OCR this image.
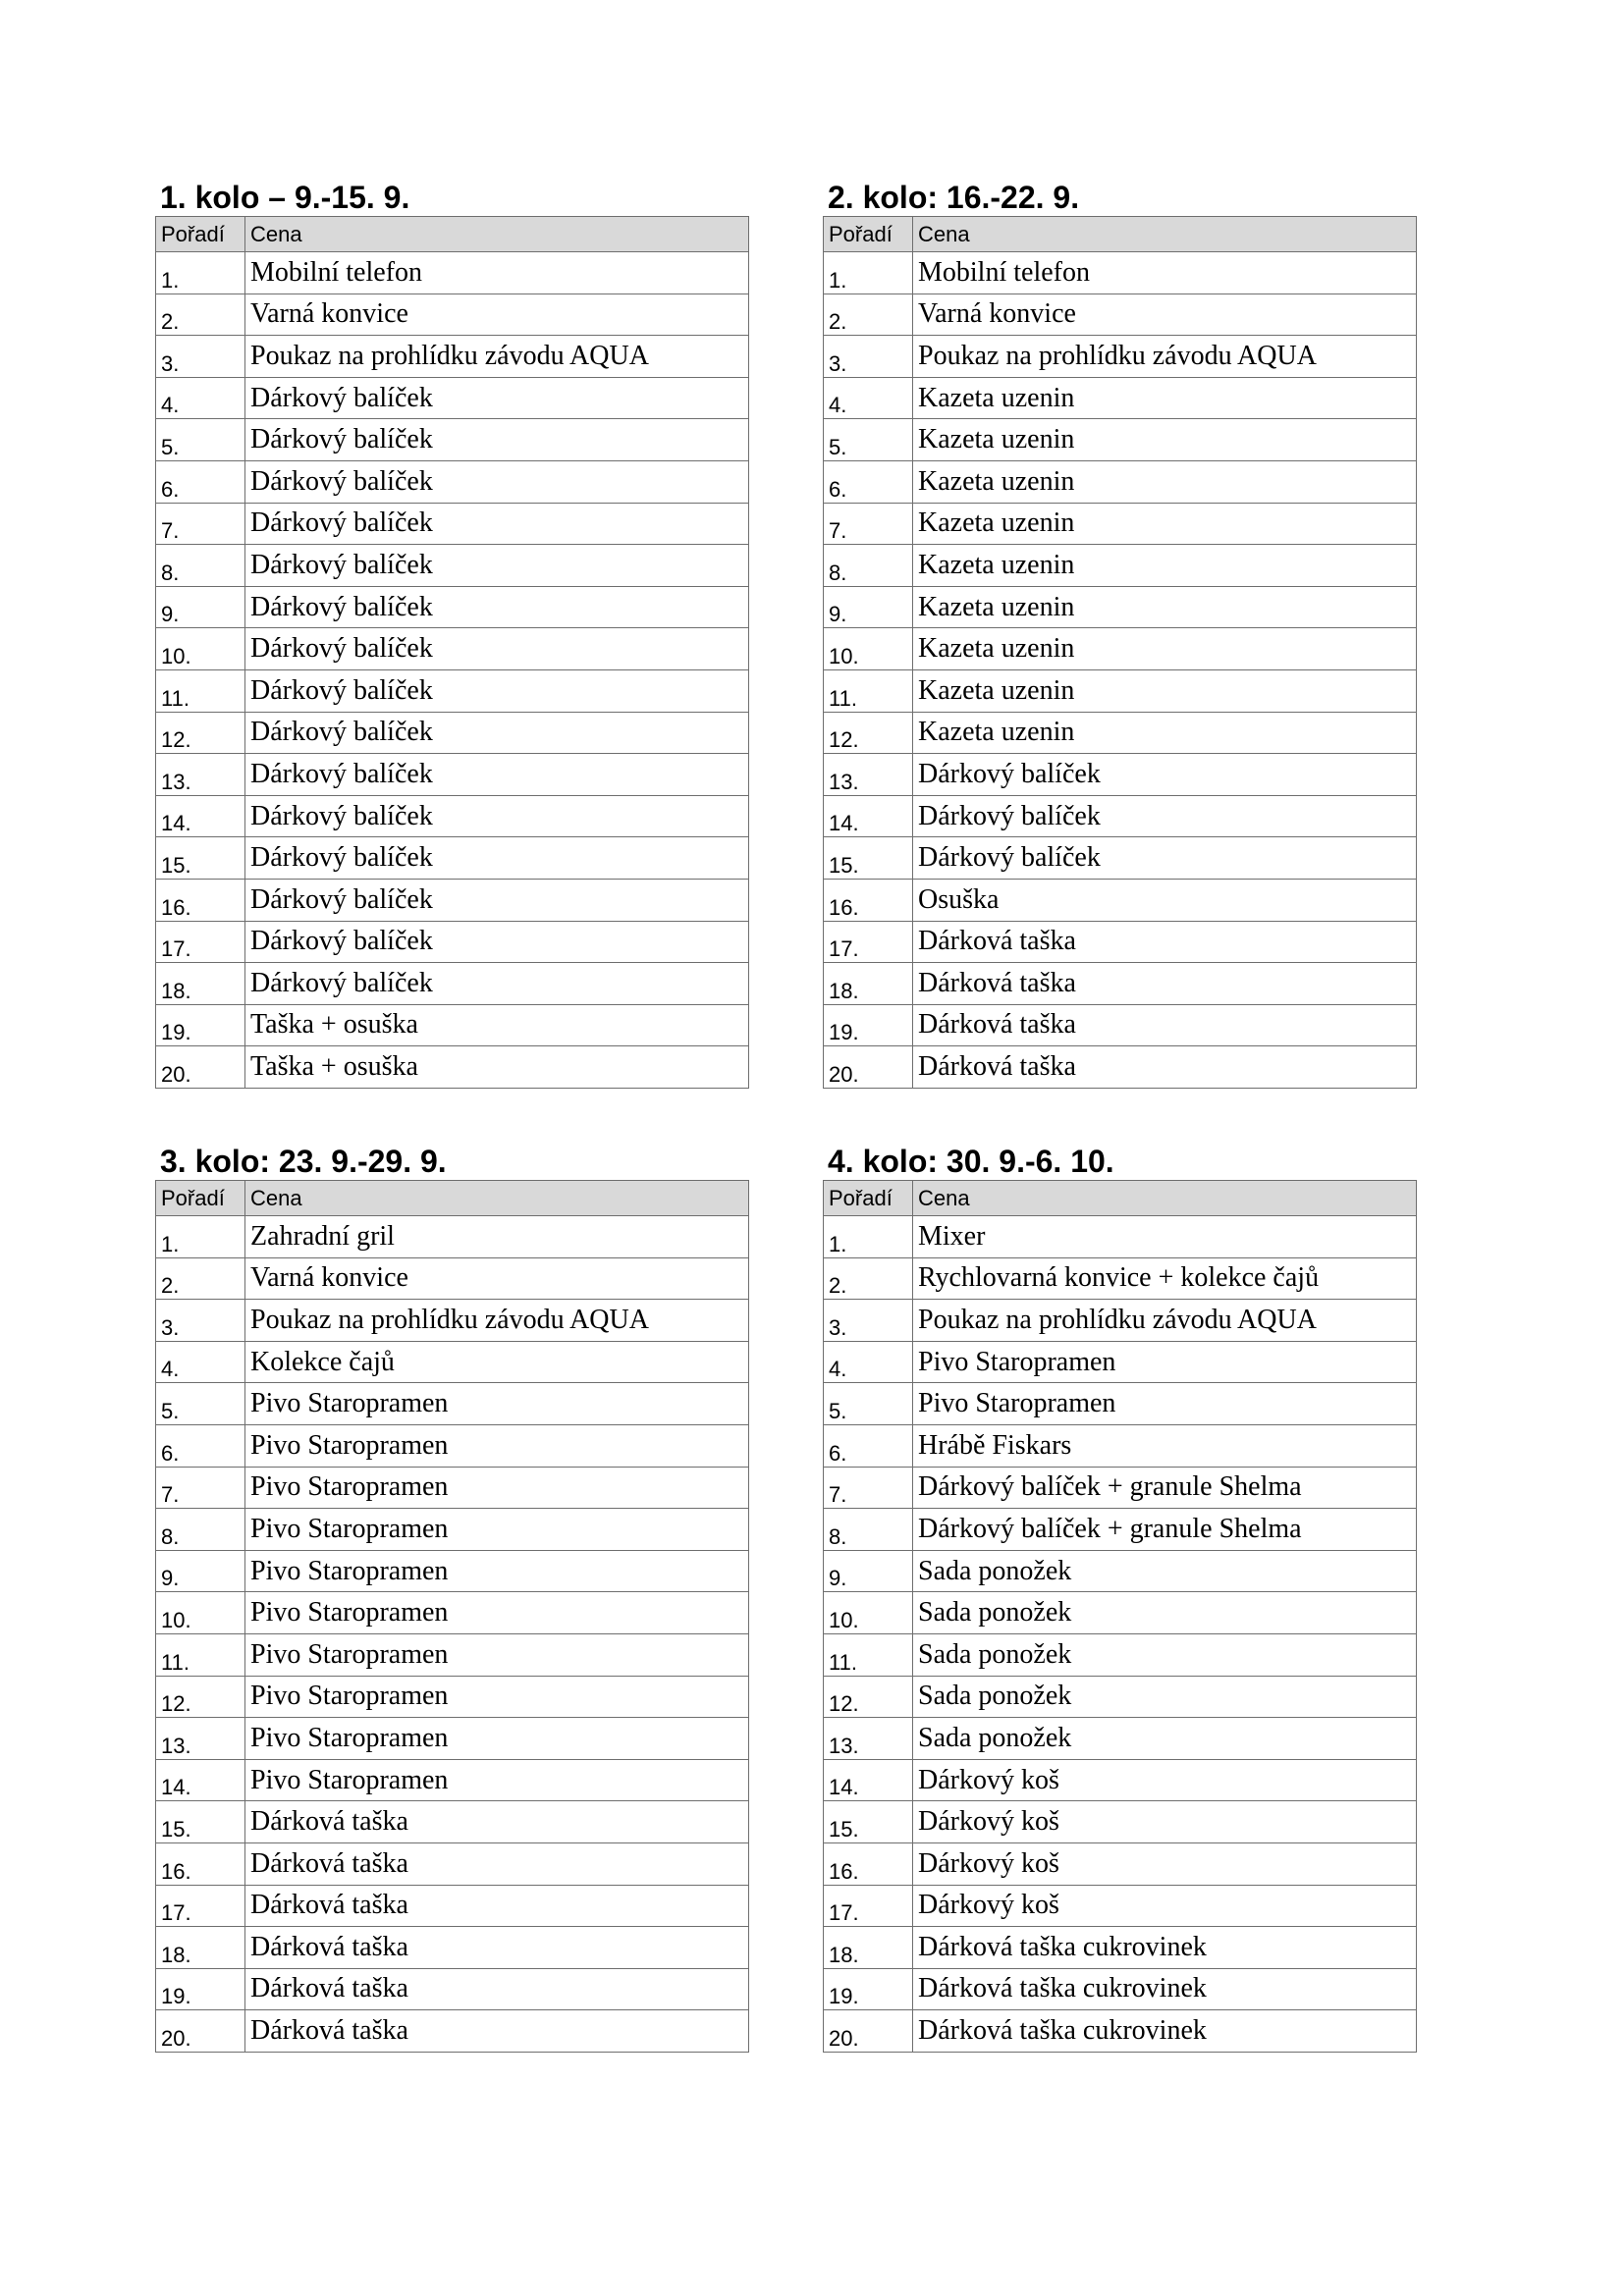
1. kolo – 9.-15. 9.
Pořadí	Cena
1.	Mobilní telefon
2.	Varná konvice
3.	Poukaz na prohlídku závodu AQUA
4.	Dárkový balíček
5.	Dárkový balíček
6.	Dárkový balíček
7.	Dárkový balíček
8.	Dárkový balíček
9.	Dárkový balíček
10.	Dárkový balíček
11.	Dárkový balíček
12.	Dárkový balíček
13.	Dárkový balíček
14.	Dárkový balíček
15.	Dárkový balíček
16.	Dárkový balíček
17.	Dárkový balíček
18.	Dárkový balíček
19.	Taška + osuška
20.	Taška + osuška
2. kolo: 16.-22. 9.
Pořadí	Cena
1.	Mobilní telefon
2.	Varná konvice
3.	Poukaz na prohlídku závodu AQUA
4.	Kazeta uzenin
5.	Kazeta uzenin
6.	Kazeta uzenin
7.	Kazeta uzenin
8.	Kazeta uzenin
9.	Kazeta uzenin
10.	Kazeta uzenin
11.	Kazeta uzenin
12.	Kazeta uzenin
13.	Dárkový balíček
14.	Dárkový balíček
15.	Dárkový balíček
16.	Osuška
17.	Dárková taška
18.	Dárková taška
19.	Dárková taška
20.	Dárková taška
3. kolo: 23. 9.-29. 9.
Pořadí	Cena
1.	Zahradní gril
2.	Varná konvice
3.	Poukaz na prohlídku závodu AQUA
4.	Kolekce čajů
5.	Pivo Staropramen
6.	Pivo Staropramen
7.	Pivo Staropramen
8.	Pivo Staropramen
9.	Pivo Staropramen
10.	Pivo Staropramen
11.	Pivo Staropramen
12.	Pivo Staropramen
13.	Pivo Staropramen
14.	Pivo Staropramen
15.	Dárková taška
16.	Dárková taška
17.	Dárková taška
18.	Dárková taška
19.	Dárková taška
20.	Dárková taška
4. kolo: 30. 9.-6. 10.
Pořadí	Cena
1.	Mixer
2.	Rychlovarná konvice + kolekce čajů
3.	Poukaz na prohlídku závodu AQUA
4.	Pivo Staropramen
5.	Pivo Staropramen
6.	Hrábě Fiskars
7.	Dárkový balíček + granule Shelma
8.	Dárkový balíček + granule Shelma
9.	Sada ponožek
10.	Sada ponožek
11.	Sada ponožek
12.	Sada ponožek
13.	Sada ponožek
14.	Dárkový koš
15.	Dárkový koš
16.	Dárkový koš
17.	Dárkový koš
18.	Dárková taška cukrovinek
19.	Dárková taška cukrovinek
20.	Dárková taška cukrovinek
